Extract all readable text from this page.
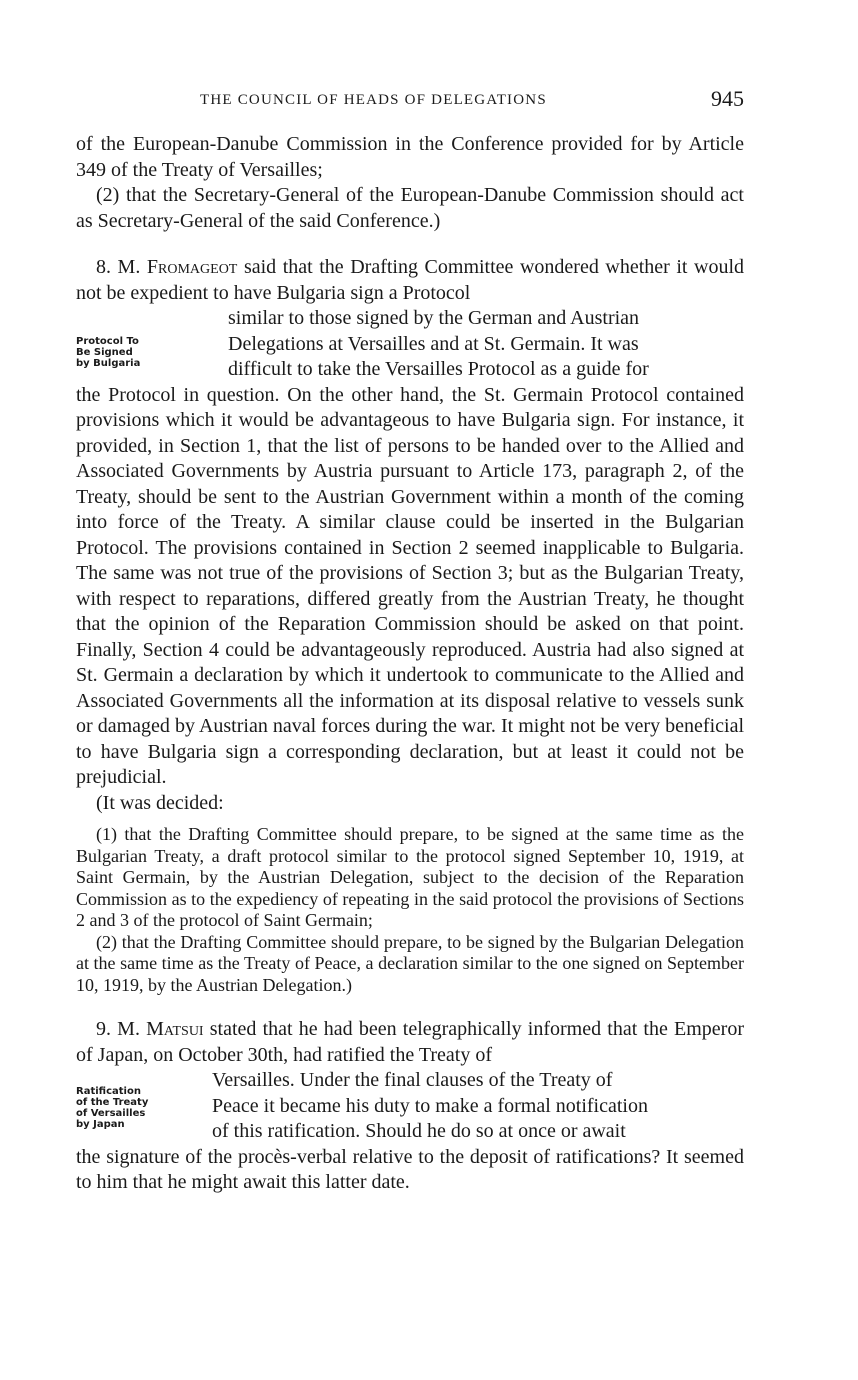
THE COUNCIL OF HEADS OF DELEGATIONS	945

of the European-Danube Commission in the Conference provided for by Article 349 of the Treaty of Versailles;

(2) that the Secretary-General of the European-Danube Commission should act as Secretary-General of the said Conference.)

8. M. Fromageot said that the Drafting Committee wondered whether it would not be expedient to have Bulgaria sign a Protocol

Protocol To
Be Signed
by Bulgaria

similar to those signed by the German and Austrian

Delegations at Versailles and at St. Germain. It was

difficult to take the Versailles Protocol as a guide for

the Protocol in question. On the other hand, the St. Germain Protocol contained provisions which it would be advantageous to have Bulgaria sign. For instance, it provided, in Section 1, that the list of persons to be handed over to the Allied and Associated Governments by Austria pursuant to Article 173, paragraph 2, of the Treaty, should be sent to the Austrian Government within a month of the coming into force of the Treaty. A similar clause could be inserted in the Bulgarian Protocol. The provisions contained in Section 2 seemed inapplicable to Bulgaria. The same was not true of the provisions of Section 3; but as the Bulgarian Treaty, with respect to reparations, differed greatly from the Austrian Treaty, he thought that the opinion of the Reparation Commission should be asked on that point. Finally, Section 4 could be advantageously reproduced. Austria had also signed at St. Germain a declaration by which it undertook to communicate to the Allied and Associated Governments all the information at its disposal relative to vessels sunk or damaged by Austrian naval forces during the war. It might not be very beneficial to have Bulgaria sign a corresponding declaration, but at least it could not be prejudicial.

(It was decided:

(1) that the Drafting Committee should prepare, to be signed at the same time as the Bulgarian Treaty, a draft protocol similar to the protocol signed September 10, 1919, at Saint Germain, by the Austrian Delegation, subject to the decision of the Reparation Commission as to the expediency of repeating in the said protocol the provisions of Sections 2 and 3 of the protocol of Saint Germain;

(2) that the Drafting Committee should prepare, to be signed by the Bulgarian Delegation at the same time as the Treaty of Peace, a declaration similar to the one signed on September 10, 1919, by the Austrian Delegation.)

9. M. Matsui stated that he had been telegraphically informed that the Emperor of Japan, on October 30th, had ratified the Treaty of

Ratification
of the Treaty
of Versailles
by Japan

Versailles. Under the final clauses of the Treaty of

Peace it became his duty to make a formal notification

of this ratification. Should he do so at once or await

the signature of the procès-verbal relative to the deposit of ratifications? It seemed to him that he might await this latter date.
